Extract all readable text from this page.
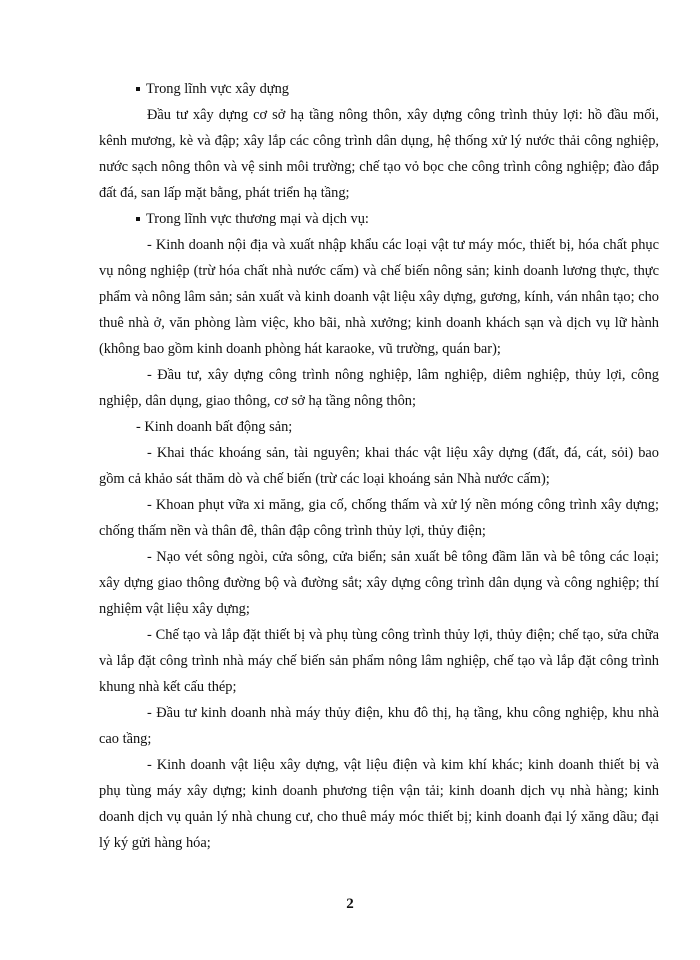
Trong lĩnh vực xây dựng

Đầu tư xây dựng cơ sở hạ tầng nông thôn, xây dựng công trình thủy lợi: hồ đầu mối, kênh mương, kè và đập; xây lắp các công trình dân dụng, hệ thống xử lý nước thải công nghiệp, nước sạch nông thôn và vệ sinh môi trường; chế tạo vỏ bọc che công trình công nghiệp; đào đắp đất đá, san lấp mặt bằng, phát triển hạ tầng;

Trong lĩnh vực thương mại và dịch vụ:

- Kinh doanh nội địa và xuất nhập khẩu các loại vật tư máy móc, thiết bị, hóa chất phục vụ nông nghiệp (trừ hóa chất nhà nước cấm) và chế biến nông sản; kinh doanh lương thực, thực phẩm và nông lâm sản; sản xuất và kinh doanh vật liệu xây dựng, gương, kính, ván nhân tạo; cho thuê nhà ở, văn phòng làm việc, kho bãi, nhà xưởng; kinh doanh khách sạn và dịch vụ lữ hành (không bao gồm kinh doanh phòng hát karaoke, vũ trường, quán bar);

- Đầu tư, xây dựng công trình nông nghiệp, lâm nghiệp, diêm nghiệp, thủy lợi, công nghiệp, dân dụng, giao thông, cơ sở hạ tầng nông thôn;

- Kinh doanh bất động sản;

- Khai thác khoáng sản, tài nguyên; khai thác vật liệu xây dựng (đất, đá, cát, sỏi) bao gồm cả khảo sát thăm dò và chế biến (trừ các loại khoáng sản Nhà nước cấm);

- Khoan phụt vữa xi măng, gia cố, chống thấm và xử lý nền móng công trình xây dựng; chống thấm nền và thân đê, thân đập công trình thủy lợi, thủy điện;

- Nạo vét sông ngòi, cửa sông, cửa biển; sản xuất bê tông đầm lăn và bê tông các loại; xây dựng giao thông đường bộ và đường sắt; xây dựng công trình dân dụng và công nghiệp; thí nghiệm vật liệu xây dựng;

- Chế tạo và lắp đặt thiết bị và phụ tùng công trình thủy lợi, thủy điện; chế tạo, sửa chữa và lắp đặt công trình nhà máy chế biến sản phẩm nông lâm nghiệp, chế tạo và lắp đặt công trình khung nhà kết cấu thép;

- Đầu tư kinh doanh nhà máy thủy điện, khu đô thị, hạ tầng, khu công nghiệp, khu nhà cao tầng;

- Kinh doanh vật liệu xây dựng, vật liệu điện và kim khí khác; kinh doanh thiết bị và phụ tùng máy xây dựng; kinh doanh phương tiện vận tải; kinh doanh dịch vụ nhà hàng; kinh doanh dịch vụ quản lý nhà chung cư, cho thuê máy móc thiết bị; kinh doanh đại lý xăng dầu; đại lý ký gửi hàng hóa;

2
